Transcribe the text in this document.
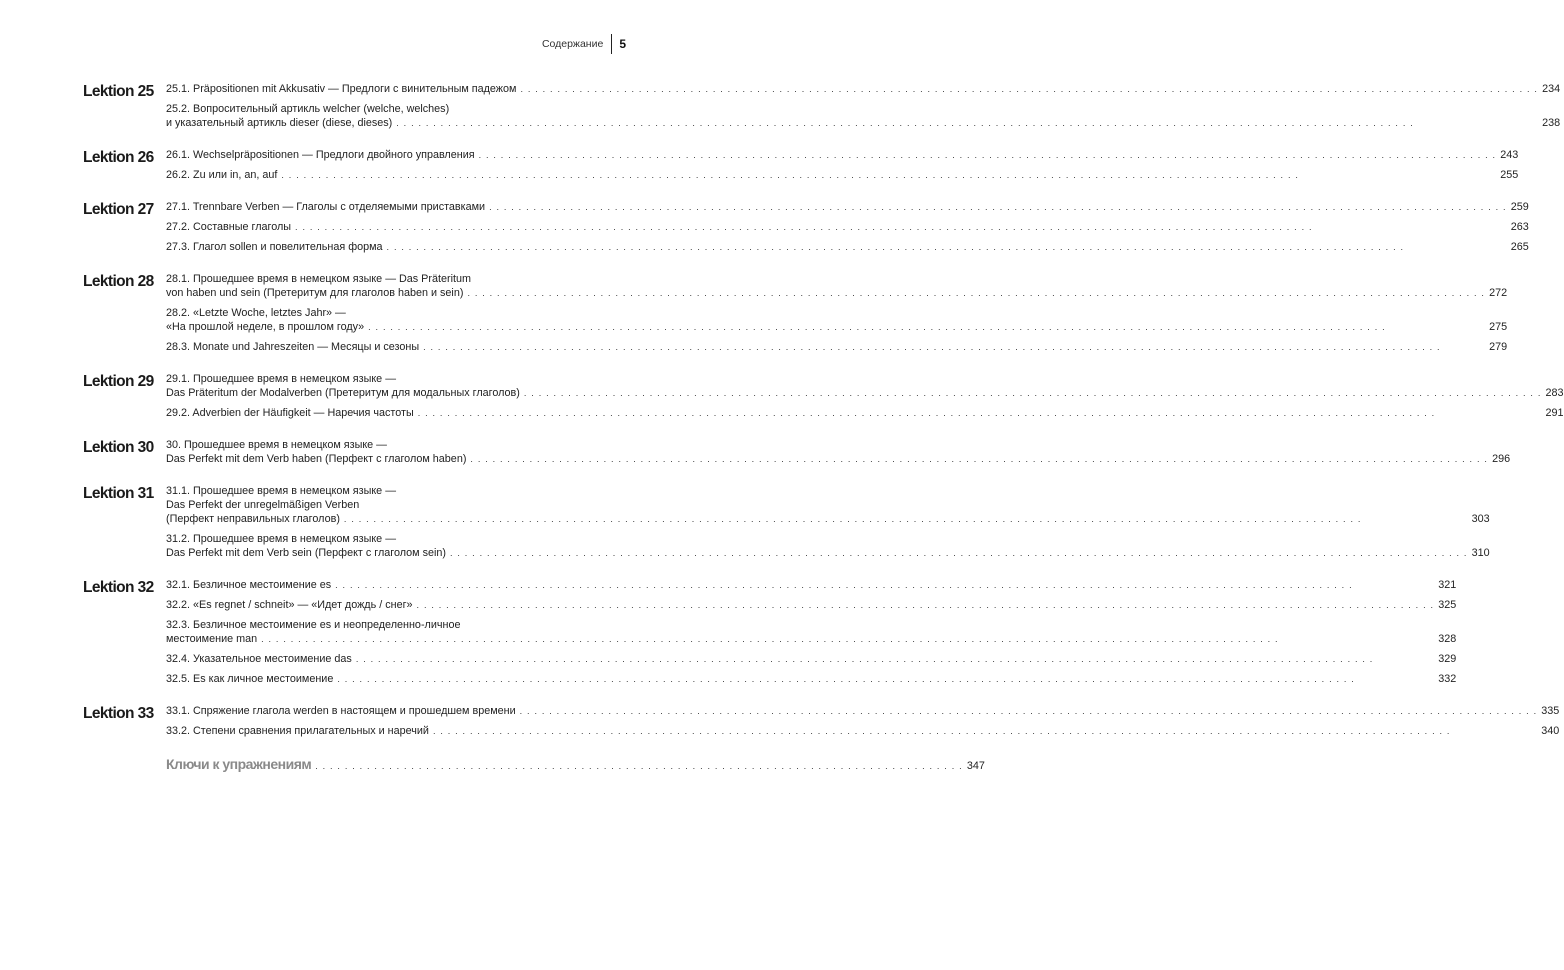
Содержание	5
Lektion 25	25.1. Präpositionen mit Akkusativ — Предлоги с винительным падежом . . .	234
25.2. Вопросительный артикль welcher (welche, welches)
и указательный артикль dieser (diese, dieses) . . .	238
Lektion 26	26.1. Wechselpräpositionen — Предлоги двойного управления . . .	243
26.2. Zu или in, an, auf . . .	255
Lektion 27	27.1. Trennbare Verben — Глаголы с отделяемыми приставками . . .	259
27.2. Составные глаголы . . .	263
27.3. Глагол sollen и повелительная форма . . .	265
Lektion 28	28.1. Прошедшее время в немецком языке — Das Präteritum
von haben und sein (Претеритум для глаголов haben и sein) . . .	272
28.2. «Letzte Woche, letztes Jahr» —
«На прошлой неделе, в прошлом году» . . .	275
28.3. Monate und Jahreszeiten — Месяцы и сезоны . . .	279
Lektion 29	29.1. Прошедшее время в немецком языке —
Das Präteritum der Modalverben (Претеритум для модальных глаголов) . . .	283
29.2. Adverbien der Häufigkeit — Наречия частоты . . .	291
Lektion 30	30. Прошедшее время в немецком языке —
Das Perfekt mit dem Verb haben (Перфект с глаголом haben) . . .	296
Lektion 31	31.1. Прошедшее время в немецком языке —
Das Perfekt der unregelmäßigen Verben
(Перфект неправильных глаголов) . . .	303
31.2. Прошедшее время в немецком языке —
Das Perfekt mit dem Verb sein (Перфект с глаголом sein) . . .	310
Lektion 32	32.1. Безличное местоимение es . . .	321
32.2. «Es regnet / schneit» — «Идет дождь / снег» . . .	325
32.3. Безличное местоимение es и неопределенно-личное
местоимение man . . .	328
32.4. Указательное местоимение das . . .	329
32.5. Es как личное местоимение . . .	332
Lektion 33	33.1. Спряжение глагола werden в настоящем и прошедшем времени . . .	335
33.2. Степени сравнения прилагательных и наречий . . .	340
Ключи к упражнениям . . .	347
